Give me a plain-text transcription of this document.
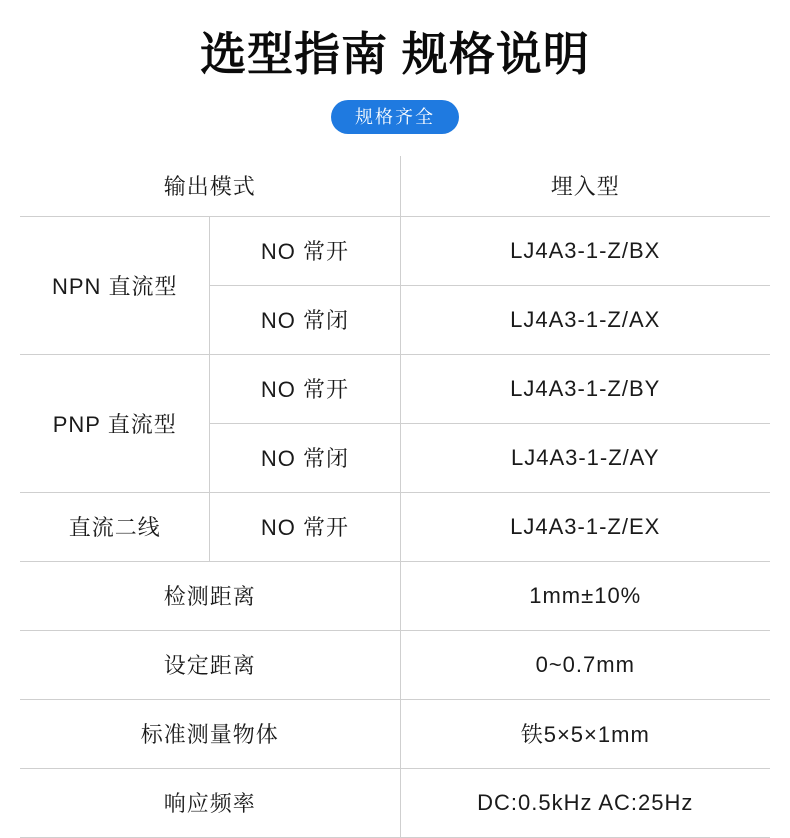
选型指南 规格说明
规格齐全
输出模式		埋入型
NPN 直流型	NO 常开	LJ4A3-1-Z/BX
	NO 常闭	LJ4A3-1-Z/AX
PNP 直流型	NO 常开	LJ4A3-1-Z/BY
	NO 常闭	LJ4A3-1-Z/AY
直流二线	NO 常开	LJ4A3-1-Z/EX
检测距离		1mm±10%
设定距离		0~0.7mm
标准测量物体		铁5×5×1mm
响应频率		DC:0.5kHz AC:25Hz
